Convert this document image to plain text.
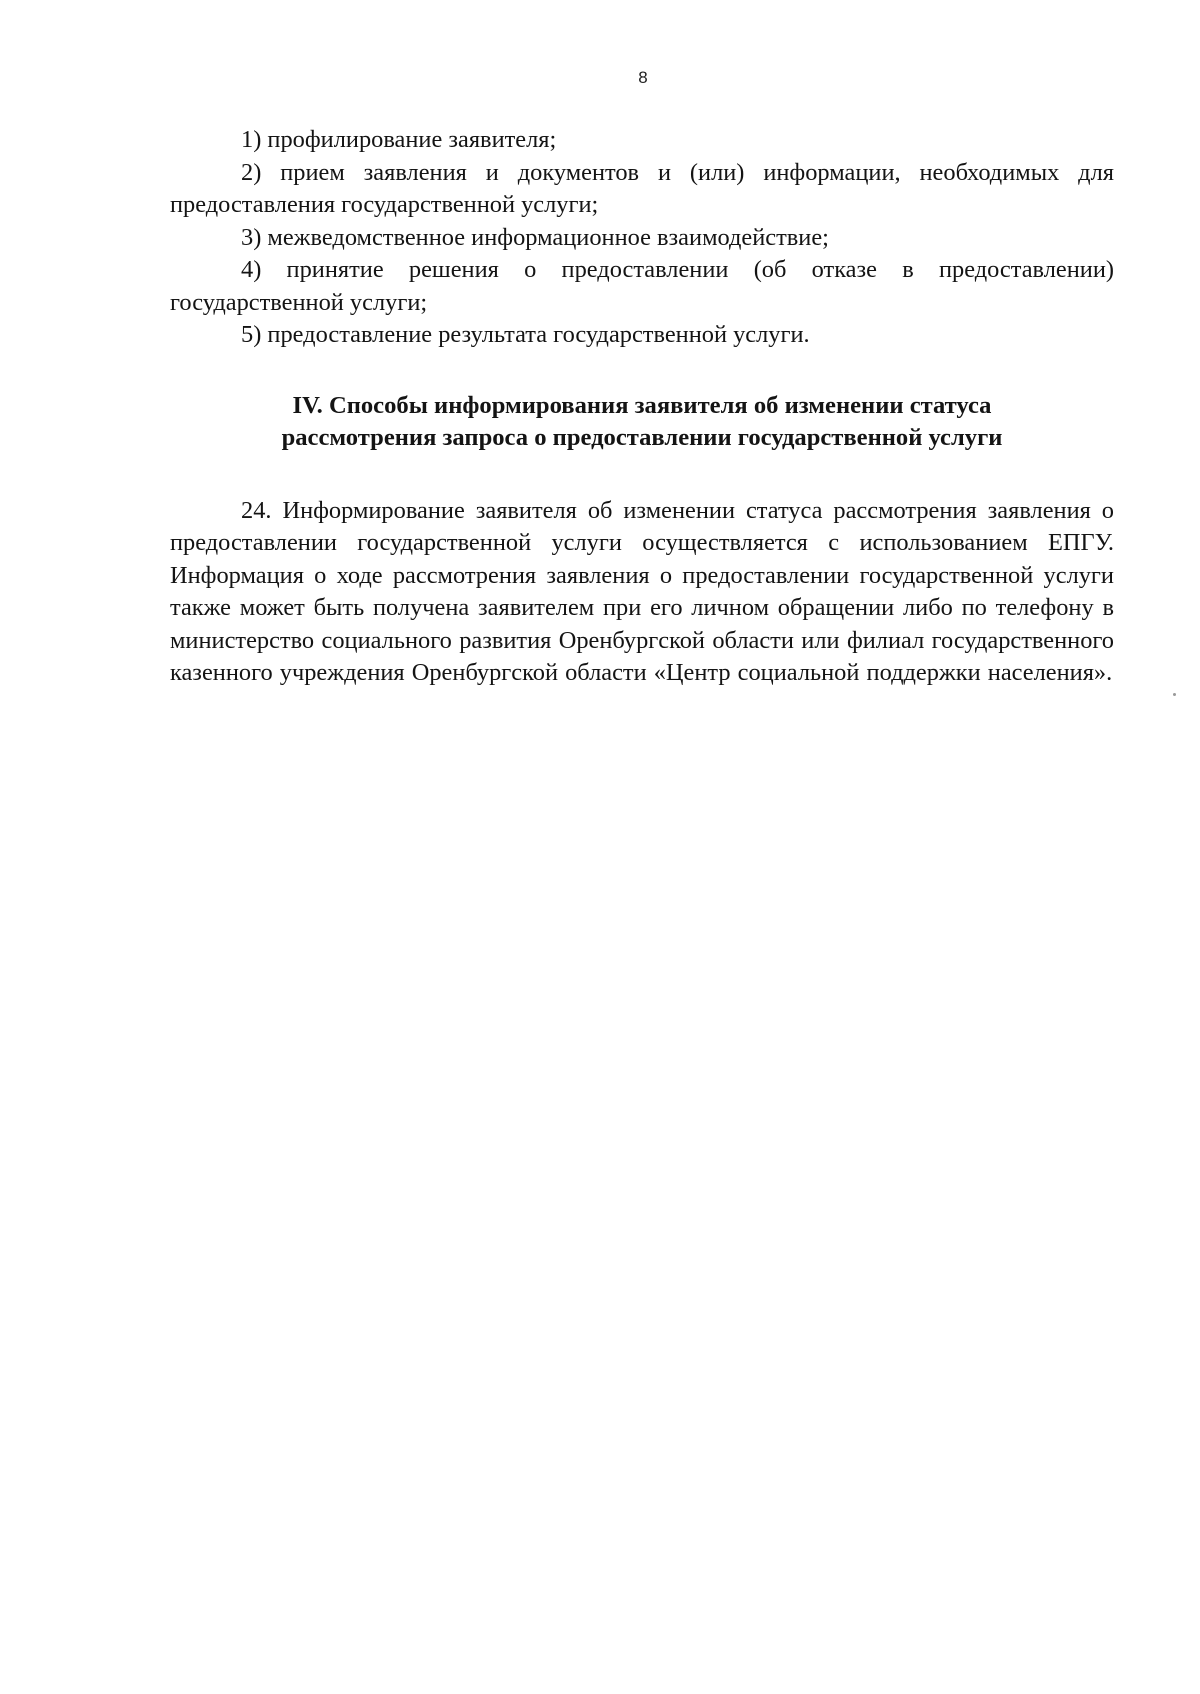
8

1) профилирование заявителя;

2) прием заявления и документов и (или) информации, необходимых для предоставления государственной услуги;

3) межведомственное информационное взаимодействие;

4) принятие решения о предоставлении (об отказе в предоставлении) государственной услуги;

5) предоставление результата государственной услуги.

IV. Способы информирования заявителя об изменении статуса
рассмотрения запроса о предоставлении государственной услуги

24. Информирование заявителя об изменении статуса рассмотрения заявления о предоставлении государственной услуги осуществляется с использованием ЕПГУ. Информация о ходе рассмотрения заявления о предоставлении государственной услуги также может быть получена заявителем при его личном обращении либо по телефону в министерство социального развития Оренбургской области или филиал государственного казенного учреждения Оренбургской области «Центр социальной поддержки населения».
